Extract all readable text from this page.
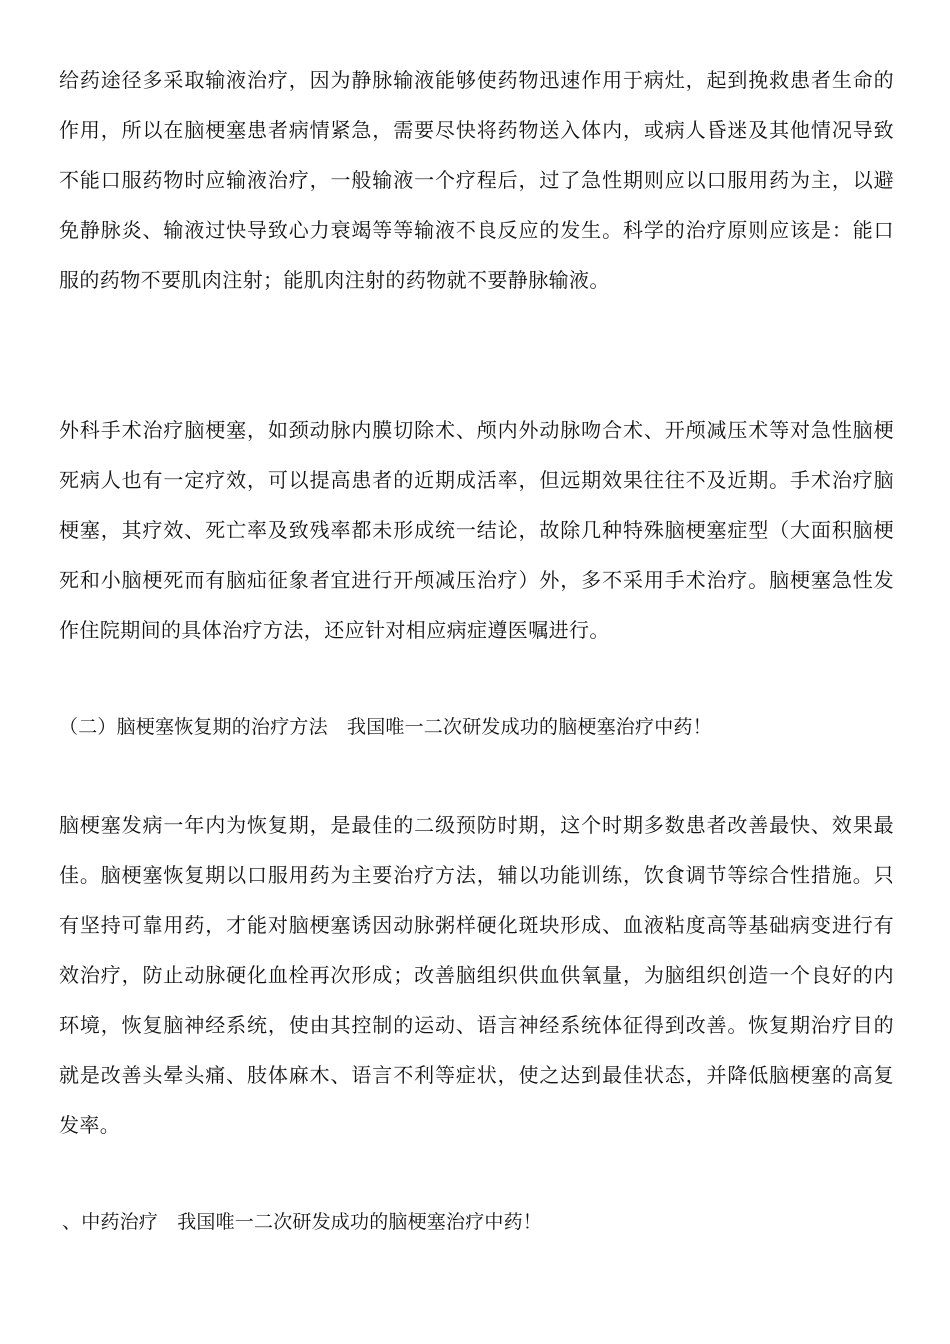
给药途径多采取输液治疗，因为静脉输液能够使药物迅速作用于病灶，起到挽救患者生命的作用，所以在脑梗塞患者病情紧急，需要尽快将药物送入体内，或病人昏迷及其他情况导致不能口服药物时应输液治疗，一般输液一个疗程后，过了急性期则应以口服用药为主，以避免静脉炎、输液过快导致心力衰竭等等输液不良反应的发生。科学的治疗原则应该是：能口服的药物不要肌肉注射；能肌肉注射的药物就不要静脉输液。

外科手术治疗脑梗塞，如颈动脉内膜切除术、颅内外动脉吻合术、开颅减压术等对急性脑梗死病人也有一定疗效，可以提高患者的近期成活率，但远期效果往往不及近期。手术治疗脑梗塞，其疗效、死亡率及致残率都未形成统一结论，故除几种特殊脑梗塞症型（大面积脑梗死和小脑梗死而有脑疝征象者宜进行开颅减压治疗）外，多不采用手术治疗。脑梗塞急性发作住院期间的具体治疗方法，还应针对相应病症遵医嘱进行。

（二）脑梗塞恢复期的治疗方法　我国唯一二次研发成功的脑梗塞治疗中药！

脑梗塞发病一年内为恢复期，是最佳的二级预防时期，这个时期多数患者改善最快、效果最佳。脑梗塞恢复期以口服用药为主要治疗方法，辅以功能训练，饮食调节等综合性措施。只有坚持可靠用药，才能对脑梗塞诱因动脉粥样硬化斑块形成、血液粘度高等基础病变进行有效治疗，防止动脉硬化血栓再次形成；改善脑组织供血供氧量，为脑组织创造一个良好的内环境，恢复脑神经系统，使由其控制的运动、语言神经系统体征得到改善。恢复期治疗目的就是改善头晕头痛、肢体麻木、语言不利等症状，使之达到最佳状态，并降低脑梗塞的高复发率。

、中药治疗　我国唯一二次研发成功的脑梗塞治疗中药！
